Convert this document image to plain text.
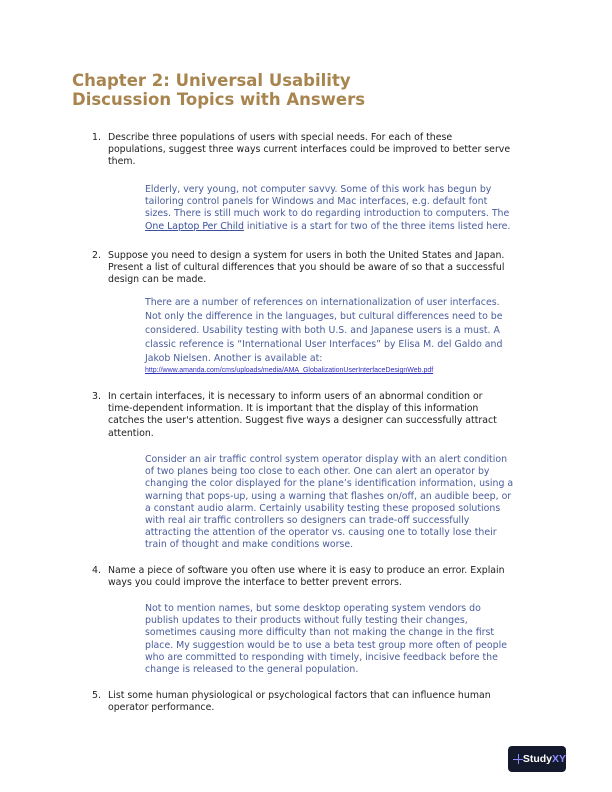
Chapter 2: Universal Usability
Discussion Topics with Answers
1. Describe three populations of users with special needs. For each of these
populations, suggest three ways current interfaces could be improved to better serve
them.
Elderly, very young, not computer savvy. Some of this work has begun by
tailoring control panels for Windows and Mac interfaces, e.g. default font
sizes. There is still much work to do regarding introduction to computers. The
One Laptop Per Child initiative is a start for two of the three items listed here.
2. Suppose you need to design a system for users in both the United States and Japan.
Present a list of cultural differences that you should be aware of so that a successful
design can be made.
There are a number of references on internationalization of user interfaces.
Not only the difference in the languages, but cultural differences need to be
considered. Usability testing with both U.S. and Japanese users is a must. A
classic reference is “International User Interfaces” by Elisa M. del Galdo and
Jakob Nielsen. Another is available at:
http://www.amanda.com/cms/uploads/media/AMA_GlobalizationUserInterfaceDesignWeb.pdf
3. In certain interfaces, it is necessary to inform users of an abnormal condition or
time-dependent information. It is important that the display of this information
catches the user's attention. Suggest five ways a designer can successfully attract
attention.
Consider an air traffic control system operator display with an alert condition
of two planes being too close to each other. One can alert an operator by
changing the color displayed for the plane’s identification information, using a
warning that pops-up, using a warning that flashes on/off, an audible beep, or
a constant audio alarm. Certainly usability testing these proposed solutions
with real air traffic controllers so designers can trade-off successfully
attracting the attention of the operator vs. causing one to totally lose their
train of thought and make conditions worse.
4. Name a piece of software you often use where it is easy to produce an error. Explain
ways you could improve the interface to better prevent errors.
Not to mention names, but some desktop operating system vendors do
publish updates to their products without fully testing their changes,
sometimes causing more difficulty than not making the change in the first
place. My suggestion would be to use a beta test group more often of people
who are committed to responding with timely, incisive feedback before the
change is released to the general population.
5. List some human physiological or psychological factors that can influence human
operator performance.
StudyXY
